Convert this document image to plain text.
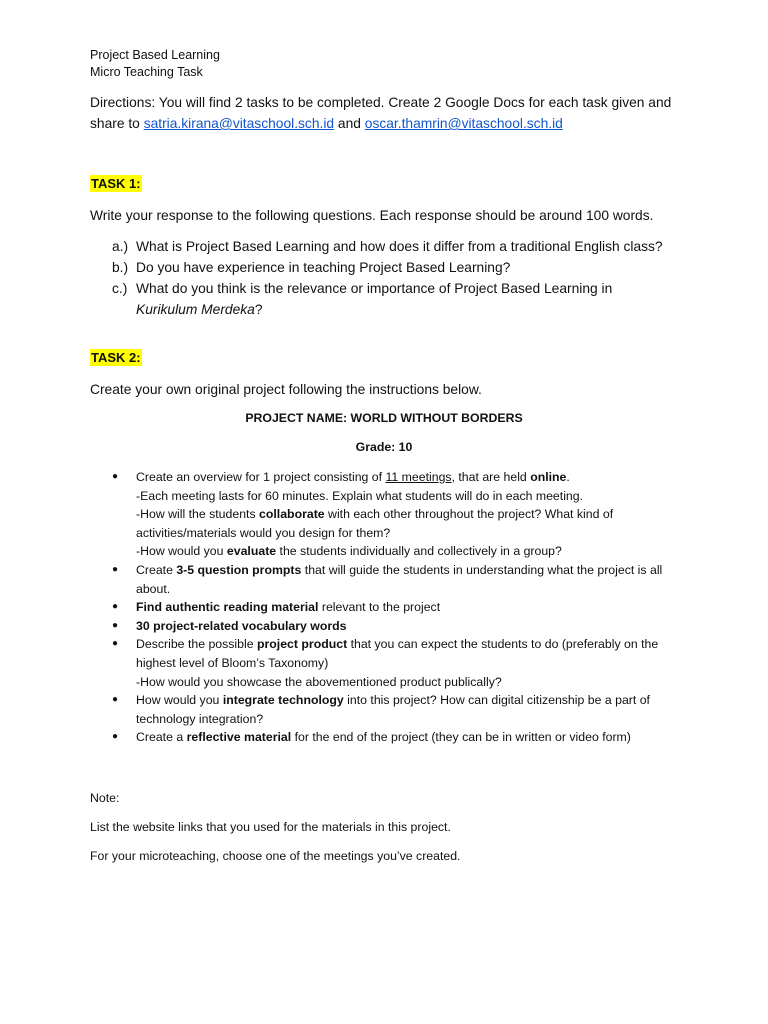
Project Based Learning
Micro Teaching Task
Directions: You will find 2 tasks to be completed. Create 2 Google Docs for each task given and share to satria.kirana@vitaschool.sch.id and oscar.thamrin@vitaschool.sch.id
TASK 1:
Write your response to the following questions. Each response should be around 100 words.
a.) What is Project Based Learning and how does it differ from a traditional English class?
b.) Do you have experience in teaching Project Based Learning?
c.) What do you think is the relevance or importance of Project Based Learning in Kurikulum Merdeka?
TASK 2:
Create your own original project following the instructions below.
PROJECT NAME: WORLD WITHOUT BORDERS
Grade: 10
● Create an overview for 1 project consisting of 11 meetings, that are held online.
-Each meeting lasts for 60 minutes. Explain what students will do in each meeting.
-How will the students collaborate with each other throughout the project? What kind of activities/materials would you design for them?
-How would you evaluate the students individually and collectively in a group?
● Create 3-5 question prompts that will guide the students in understanding what the project is all about.
● Find authentic reading material relevant to the project
● 30 project-related vocabulary words
● Describe the possible project product that you can expect the students to do (preferably on the highest level of Bloom’s Taxonomy)
-How would you showcase the abovementioned product publically?
● How would you integrate technology into this project? How can digital citizenship be a part of technology integration?
● Create a reflective material for the end of the project (they can be in written or video form)
Note:
List the website links that you used for the materials in this project.
For your microteaching, choose one of the meetings you’ve created.
